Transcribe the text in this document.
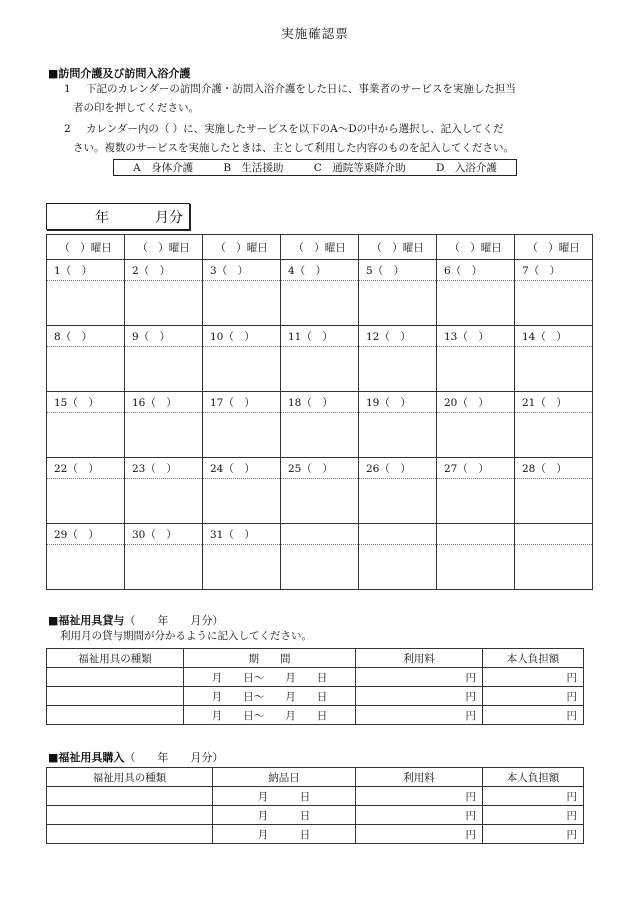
実施確認票
■訪問介護及び訪問入浴介護
1 下記のカレンダーの訪問介護・訪問入浴介護をした日に、事業者のサービスを実施した担当
者の印を押してください。
2 カレンダー内の（ ）に、実施したサービスを以下のA～Dの中から選択し、記入してくだ
さい。複数のサービスを実施したときは、主として利用した内容のものを記入してください。
A　身体介護	B　生活援助	C　通院等乗降介助	D　入浴介護
年	月分
（　）曜日	（　）曜日	（　）曜日	（　）曜日	（　）曜日	（　）曜日	（　）曜日
1（　）	2（　）	3（　）	4（　）	5（　）	6（　）	7（　）

8（　）	9（　）	10（　）	11（　）	12（　）	13（　）	14（　）

15（　）	16（　）	17（　）	18（　）	19（　）	20（　）	21（　）

22（　）	23（　）	24（　）	25（　）	26（　）	27（　）	28（　）

29（　）	30（　）	31（　）				

■福祉用具貸与（　　年　　月分）
利用月の貸与期間が分かるように記入してください。
福祉用具の種類	期　　間	利用料	本人負担額
	月　　日～　　月　　日	円	円
	月　　日～　　月　　日	円	円
	月　　日～　　月　　日	円	円
■福祉用具購入（　　年　　月分）
福祉用具の種類	納品日	利用料	本人負担額
	月　　　日	円	円
	月　　　日	円	円
	月　　　日	円	円
